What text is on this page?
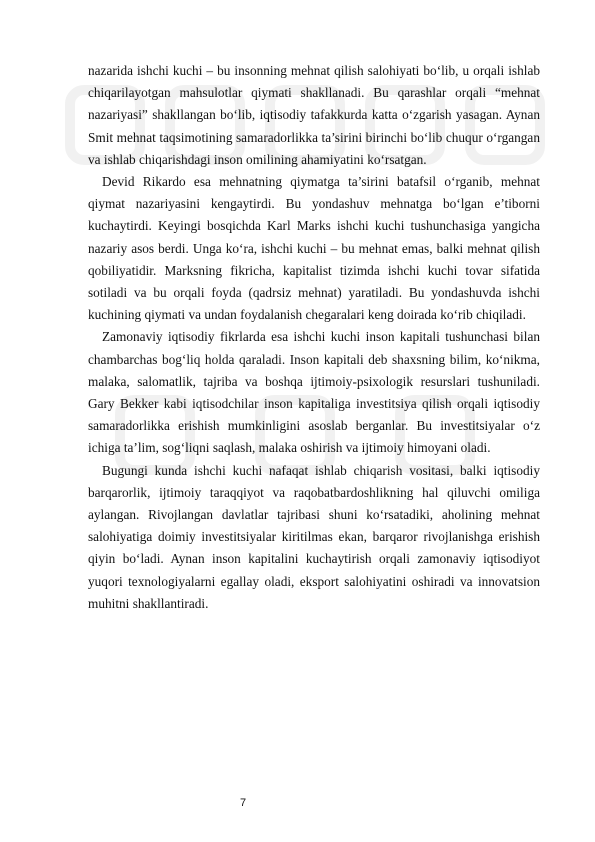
nazarida ishchi kuchi – bu insonning mehnat qilish salohiyati bo‘lib, u orqali ishlab chiqarilayotgan mahsulotlar qiymati shakllanadi. Bu qarashlar orqali “mehnat nazariyasi” shakllangan bo‘lib, iqtisodiy tafakkurda katta o‘zgarish yasagan. Aynan Smit mehnat taqsimotining samaradorlikka ta’sirini birinchi bo‘lib chuqur o‘rgangan va ishlab chiqarishdagi inson omilining ahamiyatini ko‘rsatgan.

Devid Rikardo esa mehnatning qiymatga ta’sirini batafsil o‘rganib, mehnat qiymat nazariyasini kengaytirdi. Bu yondashuv mehnatga bo‘lgan e’tiborni kuchaytirdi. Keyingi bosqichda Karl Marks ishchi kuchi tushunchasiga yangicha nazariy asos berdi. Unga ko‘ra, ishchi kuchi – bu mehnat emas, balki mehnat qilish qobiliyatidir. Marksning fikricha, kapitalist tizimda ishchi kuchi tovar sifatida sotiladi va bu orqali foyda (qadrsiz mehnat) yaratiladi. Bu yondashuvda ishchi kuchining qiymati va undan foydalanish chegaralari keng doirada ko‘rib chiqiladi.

Zamonaviy iqtisodiy fikrlarda esa ishchi kuchi inson kapitali tushunchasi bilan chambarchas bog‘liq holda qaraladi. Inson kapitali deb shaxsning bilim, ko‘nikma, malaka, salomatlik, tajriba va boshqa ijtimoiy-psixologik resurslari tushuniladi. Gary Bekker kabi iqtisodchilar inson kapitaliga investitsiya qilish orqali iqtisodiy samaradorlikka erishish mumkinligini asoslab berganlar. Bu investitsiyalar o‘z ichiga ta’lim, sog‘liqni saqlash, malaka oshirish va ijtimoiy himoyani oladi.

Bugungi kunda ishchi kuchi nafaqat ishlab chiqarish vositasi, balki iqtisodiy barqarorlik, ijtimoiy taraqqiyot va raqobatbardoshlikning hal qiluvchi omiliga aylangan. Rivojlangan davlatlar tajribasi shuni ko‘rsatadiki, aholining mehnat salohiyatiga doimiy investitsiyalar kiritilmas ekan, barqaror rivojlanishga erishish qiyin bo‘ladi. Aynan inson kapitalini kuchaytirish orqali zamonaviy iqtisodiyot yuqori texnologiyalarni egallay oladi, eksport salohiyatini oshiradi va innovatsion muhitni shakllantiradi.

7
